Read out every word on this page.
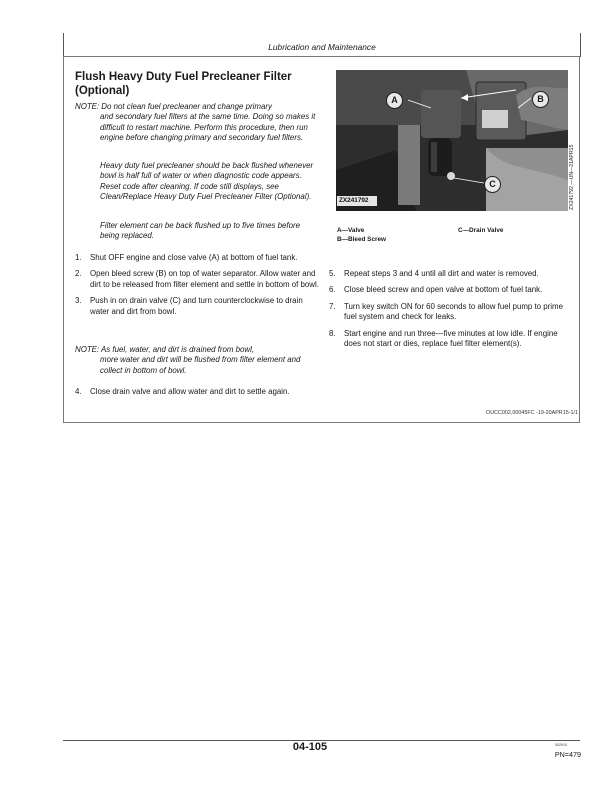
Lubrication and Maintenance
Flush Heavy Duty Fuel Precleaner Filter
(Optional)
NOTE: Do not clean fuel precleaner and change primary
and secondary fuel filters at the same time. Doing so makes it difficult to restart machine. Perform this procedure, then run engine before changing primary and secondary fuel filters.
Heavy duty fuel precleaner should be back flushed whenever bowl is half full of water or when diagnostic code appears. Reset code after cleaning. If code still displays, see Clean/Replace Heavy Duty Fuel Precleaner Filter (Optional).
Filter element can be back flushed up to five times before being replaced.
1. Shut OFF engine and close valve (A) at bottom of fuel tank.
2. Open bleed screw (B) on top of water separator. Allow water and dirt to be released from filter element and settle in bottom of bowl.
3. Push in on drain valve (C) and turn counterclockwise to drain water and dirt from bowl.
NOTE: As fuel, water, and dirt is drained from bowl,
more water and dirt will be flushed from filter element and collect in bottom of bowl.
4. Close drain valve and allow water and dirt to settle again.
A	B
C
ZX241792	ZX241792 —UN—21APR15
A—Valve
B—Bleed Screw
C—Drain Valve
5. Repeat steps 3 and 4 until all dirt and water is removed.
6. Close bleed screw and open valve at bottom of fuel tank.
7. Turn key switch ON for 60 seconds to allow fuel pump to prime fuel system and check for leaks.
8. Start engine and run three—five minutes at low idle. If engine does not start or dies, replace fuel filter element(s).
OUCC002,00045FC -19-20APR15-1/1
04-105	052915
PN=479
